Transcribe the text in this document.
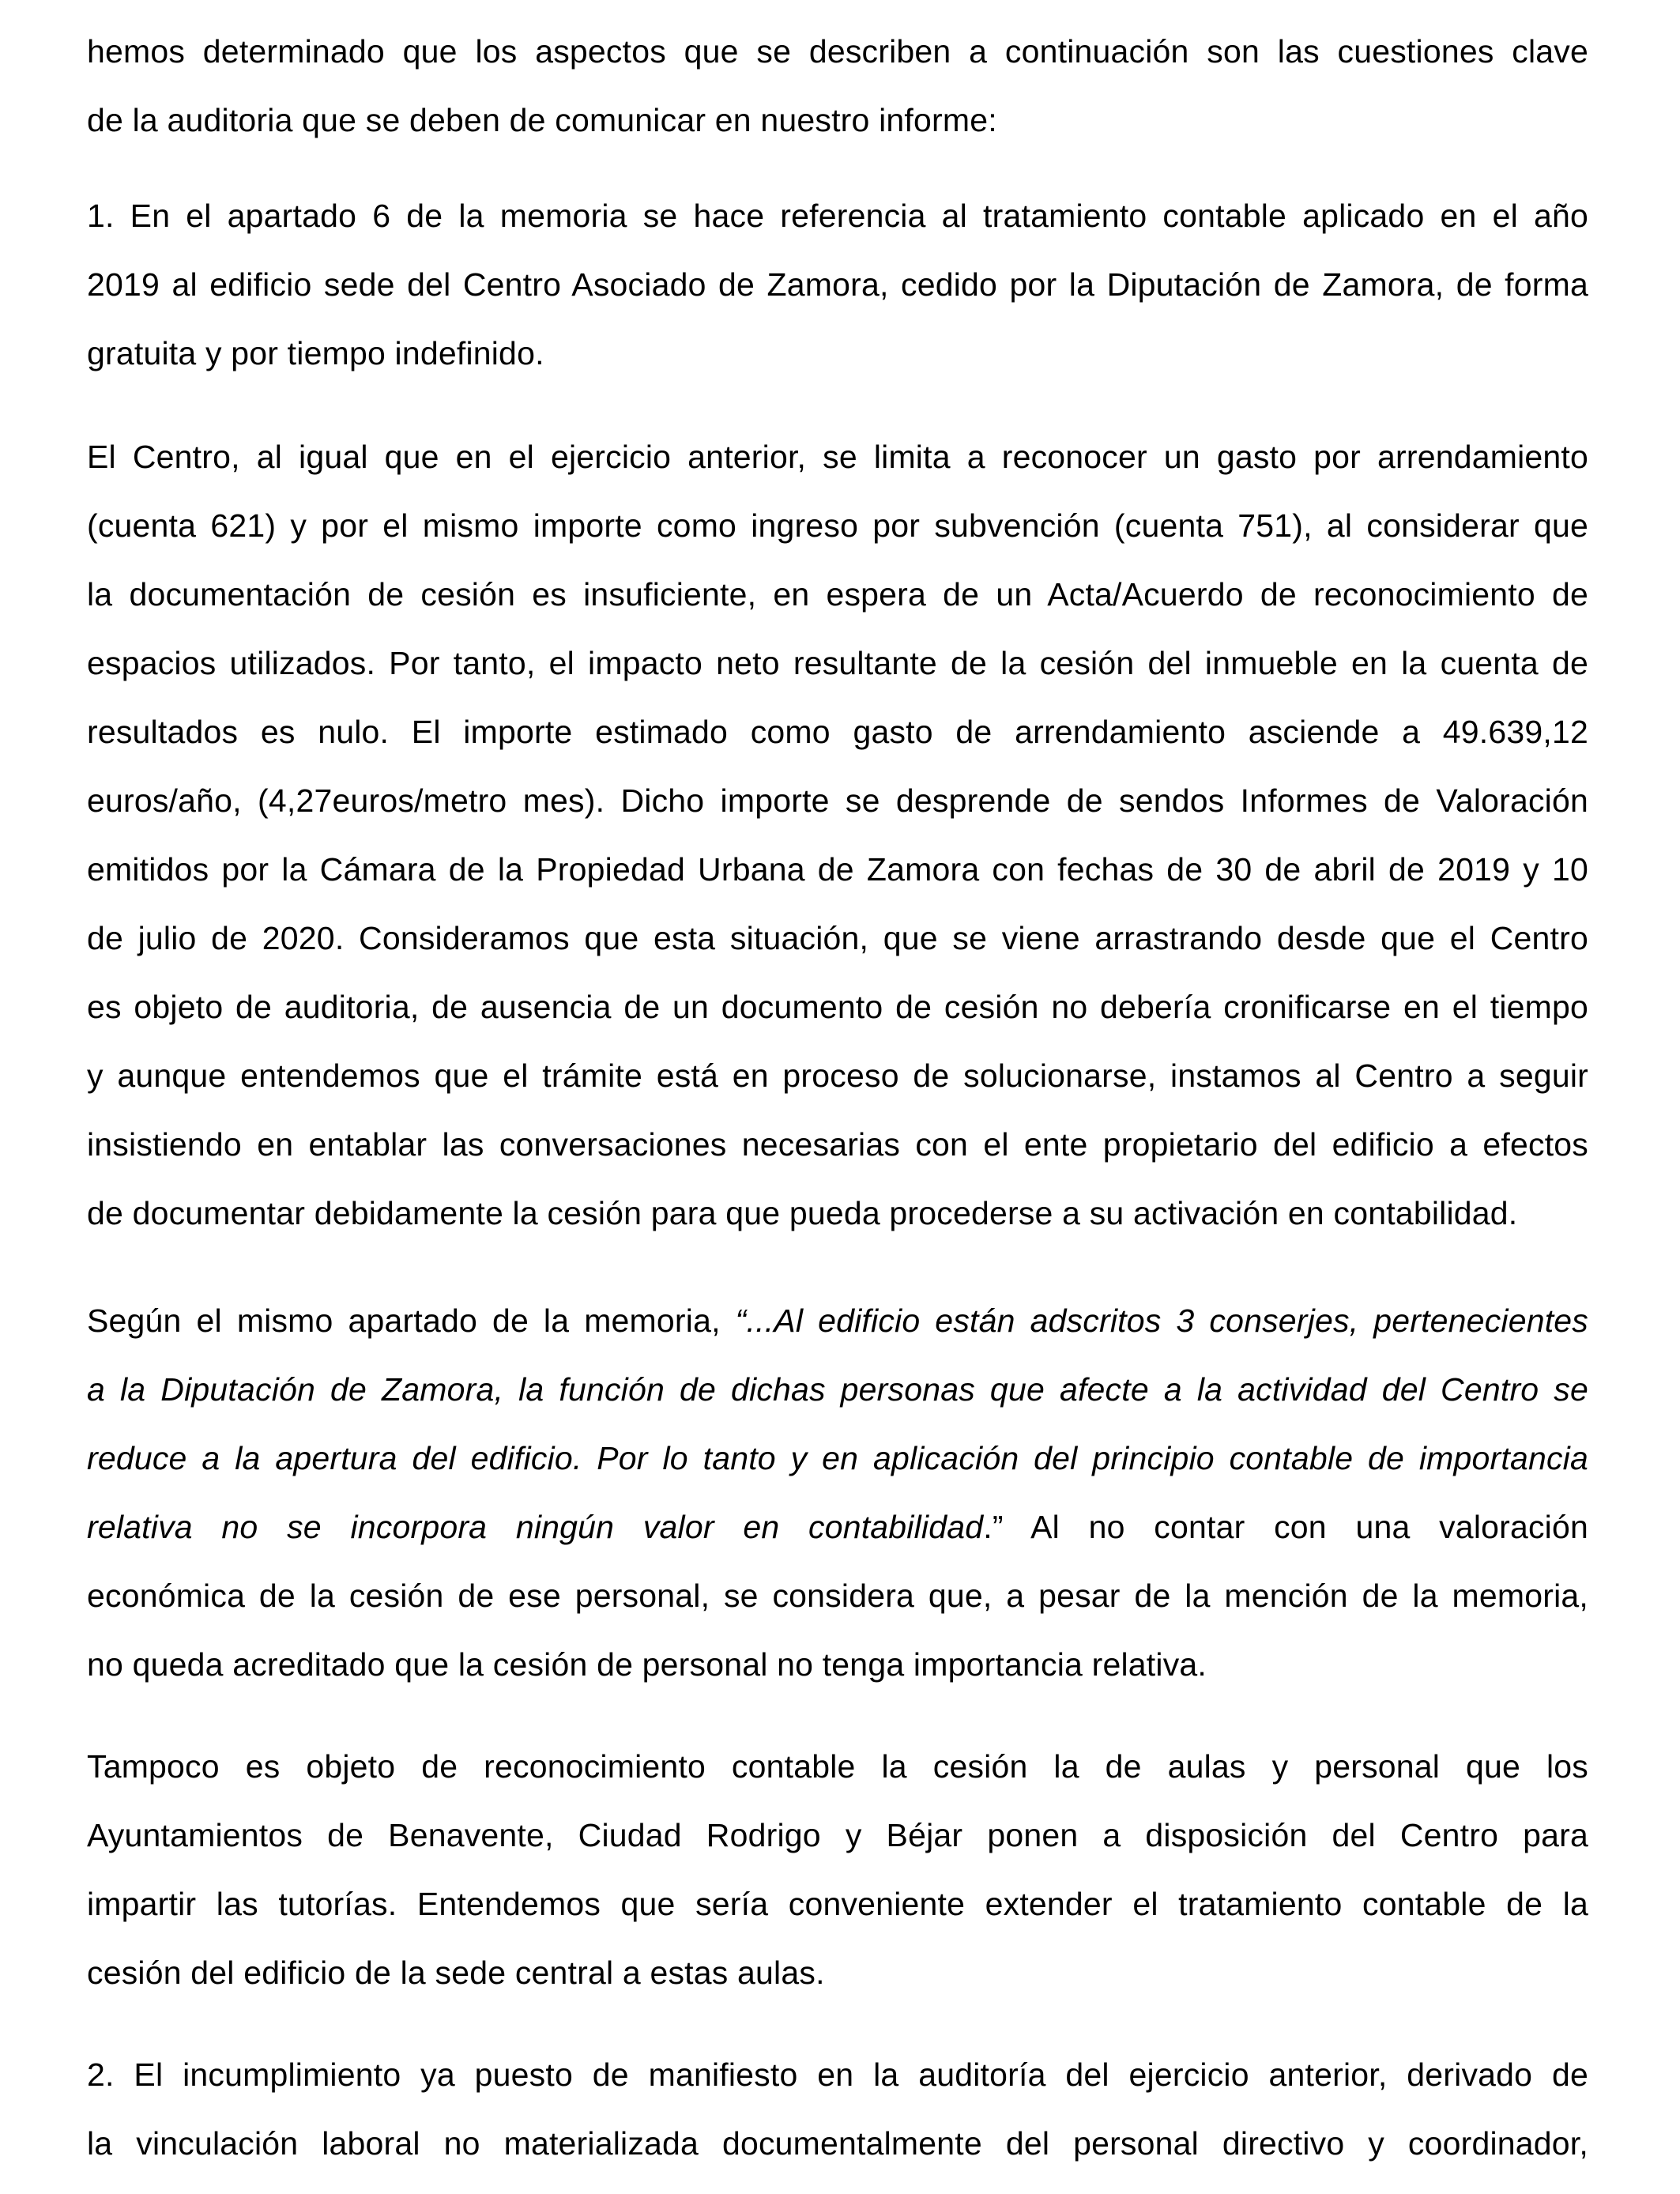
hemos determinado que los aspectos que se describen a continuación son las cuestiones clave
de la auditoria que se deben de comunicar en nuestro informe:
1. En el apartado 6 de la memoria se hace referencia al tratamiento contable aplicado en el año
2019 al edificio sede del Centro Asociado de Zamora, cedido por la Diputación de Zamora, de forma
gratuita y por tiempo indefinido.
El Centro, al igual que en el ejercicio anterior, se limita a reconocer un gasto por arrendamiento
(cuenta 621) y por el mismo importe como ingreso por subvención (cuenta 751), al considerar que
la documentación de cesión es insuficiente, en espera de un Acta/Acuerdo de reconocimiento de
espacios utilizados. Por tanto, el impacto neto resultante de la cesión del inmueble en la cuenta de
resultados es nulo. El importe estimado como gasto de arrendamiento asciende a 49.639,12
euros/año, (4,27euros/metro mes). Dicho importe se desprende de sendos Informes de Valoración
emitidos por la Cámara de la Propiedad Urbana de Zamora con fechas de 30 de abril de 2019 y 10
de julio de 2020. Consideramos que esta situación, que se viene arrastrando desde que el Centro
es objeto de auditoria, de ausencia de un documento de cesión no debería cronificarse en el tiempo
y aunque entendemos que el trámite está en proceso de solucionarse, instamos al Centro a seguir
insistiendo en entablar las conversaciones necesarias con el ente propietario del edificio a efectos
de documentar debidamente la cesión para que pueda procederse a su activación en contabilidad.
Según el mismo apartado de la memoria, “...Al edificio están adscritos 3 conserjes, pertenecientes
a la Diputación de Zamora, la función de dichas personas que afecte a la actividad del Centro se
reduce a la apertura del edificio. Por lo tanto y en aplicación del principio contable de importancia
relativa no se incorpora ningún valor en contabilidad.” Al no contar con una valoración
económica de la cesión de ese personal, se considera que, a pesar de la mención de la memoria,
no queda acreditado que la cesión de personal no tenga importancia relativa.
Tampoco es objeto de reconocimiento contable la cesión la de aulas y personal que los
Ayuntamientos de Benavente, Ciudad Rodrigo y Béjar ponen a disposición del Centro para
impartir las tutorías. Entendemos que sería conveniente extender el tratamiento contable de la
cesión del edificio de la sede central a estas aulas.
2. El incumplimiento ya puesto de manifiesto en la auditoría del ejercicio anterior, derivado de
la vinculación laboral no materializada documentalmente del personal directivo y coordinador,
